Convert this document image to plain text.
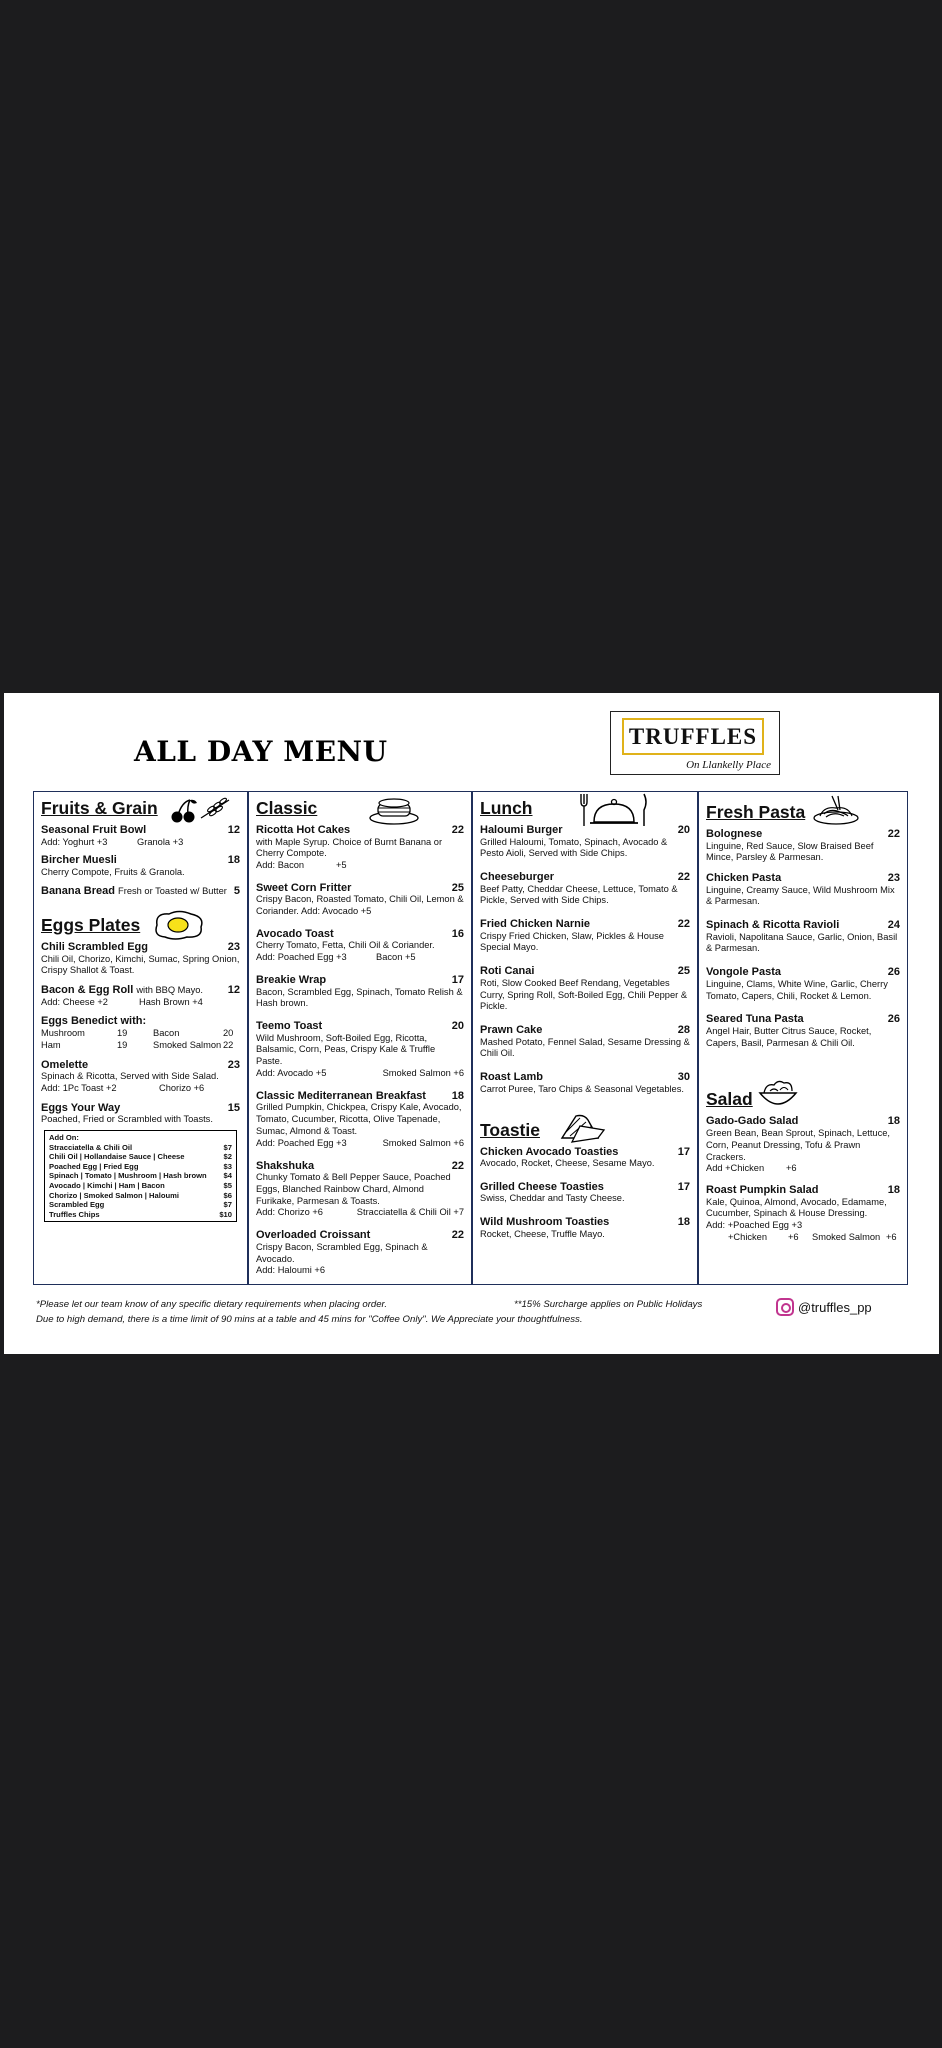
ALL DAY MENU	TRUFFLES
On Llankelly Place
Fruits & Grain
Seasonal Fruit Bowl	12
Add: Yoghurt +3	Granola +3
Bircher Muesli	18
Cherry Compote, Fruits & Granola.
Banana Bread Fresh or Toasted w/ Butter 5
Eggs Plates
Chili Scrambled Egg	23
Chili Oil, Chorizo, Kimchi, Sumac, Spring Onion, Crispy Shallot & Toast.
Bacon & Egg Roll with BBQ Mayo. 12
Add: Cheese +2	Hash Brown +4
Eggs Benedict with:
Mushroom	19	Bacon	20
Ham	19	Smoked Salmon 22
Omelette	23
Spinach & Ricotta, Served with Side Salad.
Add: 1Pc Toast +2	Chorizo +6
Eggs Your Way	15
Poached, Fried or Scrambled with Toasts.
Add On:
Stracciatella & Chili Oil	$7
Chili Oil | Hollandaise Sauce | Cheese	$2
Poached Egg | Fried Egg	$3
Spinach | Tomato | Mushroom | Hash brown $4
Avocado | Kimchi | Ham | Bacon	$5
Chorizo | Smoked Salmon | Haloumi	$6
Scrambled Egg	$7
Truffles Chips	$10
Classic
Ricotta Hot Cakes	22
with Maple Syrup. Choice of Burnt Banana or Cherry Compote.
Add: Bacon	+5
Sweet Corn Fritter	25
Crispy Bacon, Roasted Tomato, Chili Oil, Lemon & Coriander. Add: Avocado +5
Avocado Toast	16
Cherry Tomato, Fetta, Chili Oil & Coriander.
Add: Poached Egg +3	Bacon +5
Breakie Wrap	17
Bacon, Scrambled Egg, Spinach, Tomato Relish & Hash brown.
Teemo Toast	20
Wild Mushroom, Soft-Boiled Egg, Ricotta, Balsamic, Corn, Peas, Crispy Kale & Truffle Paste.
Add: Avocado +5	Smoked Salmon +6
Classic Mediterranean Breakfast 18
Grilled Pumpkin, Chickpea, Crispy Kale, Avocado, Tomato, Cucumber, Ricotta, Olive Tapenade, Sumac, Almond & Toast.
Add: Poached Egg +3	Smoked Salmon +6
Shakshuka	22
Chunky Tomato & Bell Pepper Sauce, Poached Eggs, Blanched Rainbow Chard, Almond Furikake, Parmesan & Toasts.
Add: Chorizo +6	Stracciatella & Chili Oil +7
Overloaded Croissant	22
Crispy Bacon, Scrambled Egg, Spinach & Avocado.
Add: Haloumi +6
Lunch
Haloumi Burger	20
Grilled Haloumi, Tomato, Spinach, Avocado & Pesto Aioli, Served with Side Chips.
Cheeseburger	22
Beef Patty, Cheddar Cheese, Lettuce, Tomato & Pickle, Served with Side Chips.
Fried Chicken Narnie	22
Crispy Fried Chicken, Slaw, Pickles & House Special Mayo.
Roti Canai	25
Roti, Slow Cooked Beef Rendang, Vegetables Curry, Spring Roll, Soft-Boiled Egg, Chili Pepper & Pickle.
Prawn Cake	28
Mashed Potato, Fennel Salad, Sesame Dressing & Chili Oil.
Roast Lamb	30
Carrot Puree, Taro Chips & Seasonal Vegetables.
Toastie
Chicken Avocado Toasties	17
Avocado, Rocket, Cheese, Sesame Mayo.
Grilled Cheese Toasties	17
Swiss, Cheddar and Tasty Cheese.
Wild Mushroom Toasties	18
Rocket, Cheese, Truffle Mayo.
Fresh Pasta
Bolognese	22
Linguine, Red Sauce, Slow Braised Beef Mince, Parsley & Parmesan.
Chicken Pasta	23
Linguine, Creamy Sauce, Wild Mushroom Mix & Parmesan.
Spinach & Ricotta Ravioli	24
Ravioli, Napolitana Sauce, Garlic, Onion, Basil & Parmesan.
Vongole Pasta	26
Linguine, Clams, White Wine, Garlic, Cherry Tomato, Capers, Chili, Rocket & Lemon.
Seared Tuna Pasta	26
Angel Hair, Butter Citrus Sauce, Rocket, Capers, Basil, Parmesan & Chili Oil.
Salad
Gado-Gado Salad	18
Green Bean, Bean Sprout, Spinach, Lettuce, Corn, Peanut Dressing, Tofu & Prawn Crackers.
Add +Chicken	+6
Roast Pumpkin Salad	18
Kale, Quinoa, Almond, Avocado, Edamame, Cucumber, Spinach & House Dressing.
Add: +Poached Egg +3
+Chicken	+6	Smoked Salmon +6
*Please let our team know of any specific dietary requirements when placing order.	**15% Surcharge applies on Public Holidays
Due to high demand, there is a time limit of 90 mins at a table and 45 mins for "Coffee Only". We Appreciate your thoughtfulness.
@truffles_pp
